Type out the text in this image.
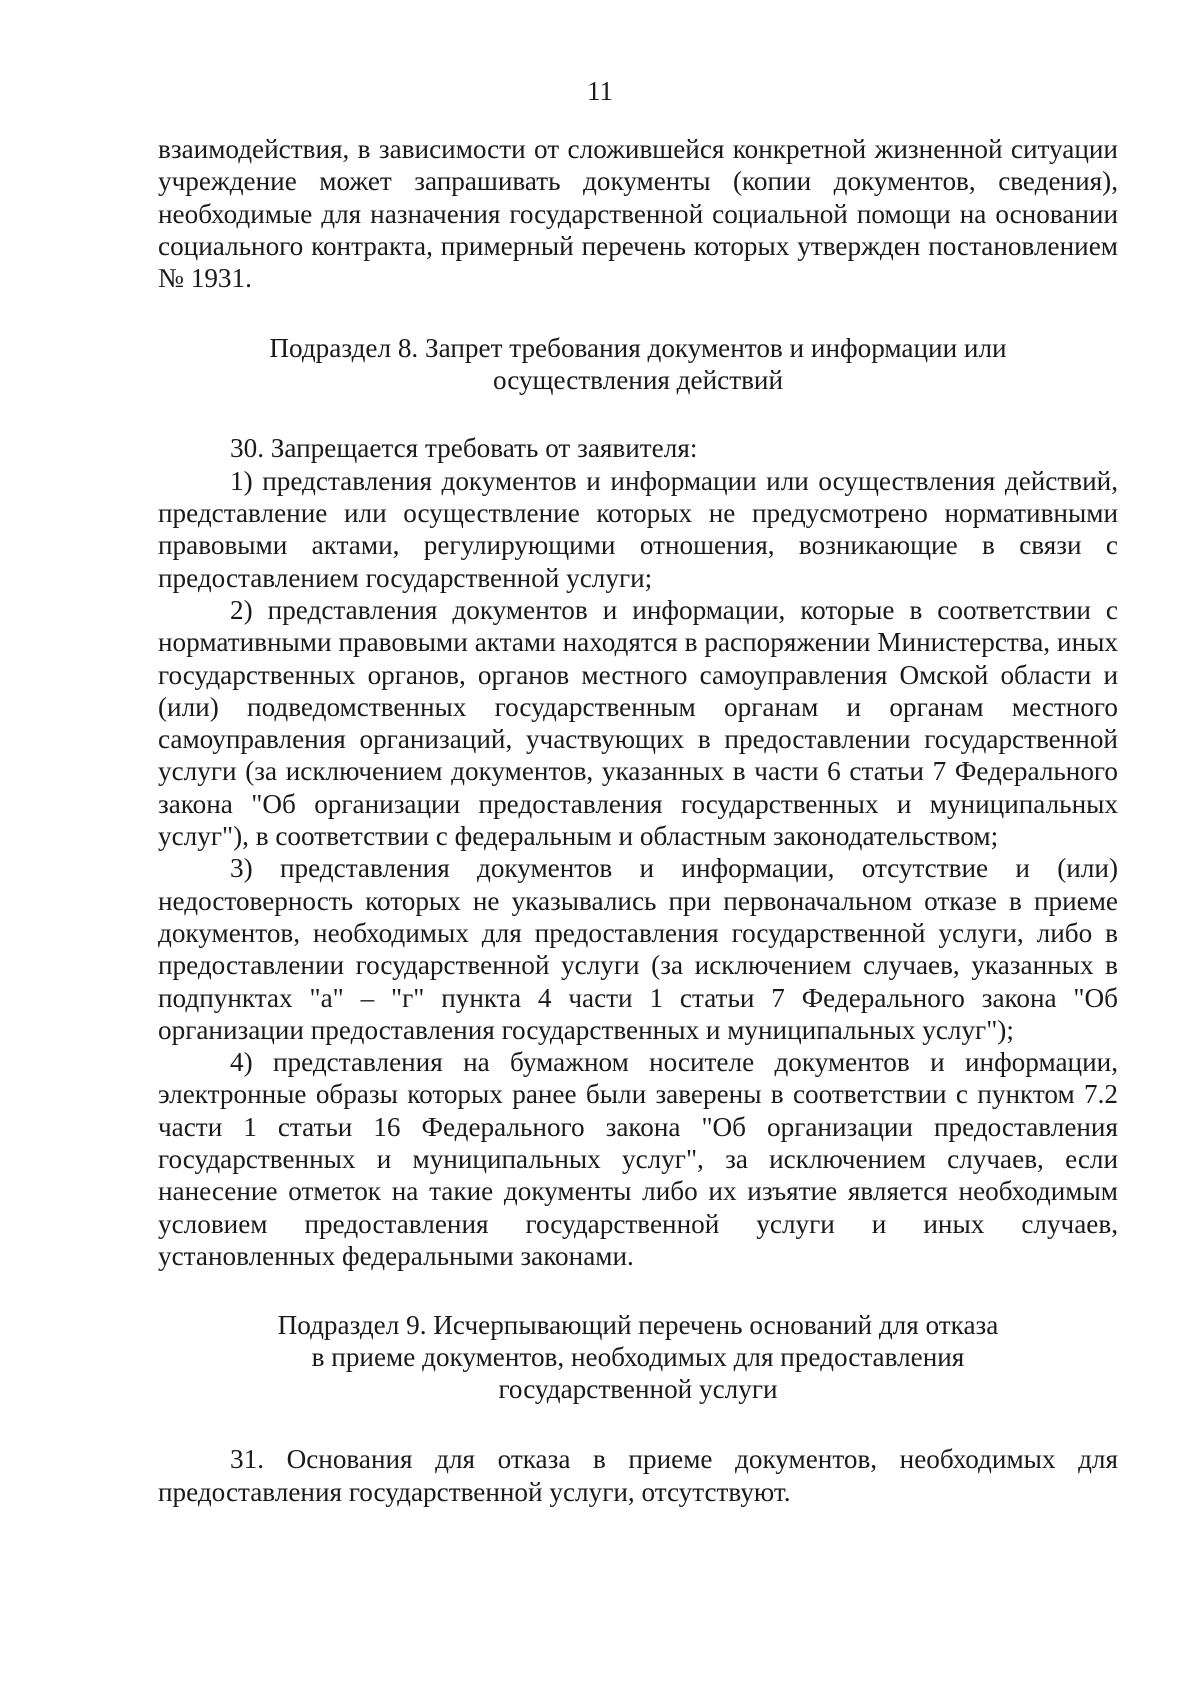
11

взаимодействия, в зависимости от сложившейся конкретной жизненной ситуации учреждение может запрашивать документы (копии документов, сведения), необходимые для назначения государственной социальной помощи на основании социального контракта, примерный перечень которых утвержден постановлением № 1931.

Подраздел 8. Запрет требования документов и информации или
осуществления действий

30. Запрещается требовать от заявителя:

1) представления документов и информации или осуществления действий, представление или осуществление которых не предусмотрено нормативными правовыми актами, регулирующими отношения, возникающие в связи с предоставлением государственной услуги;

2) представления документов и информации, которые в соответствии с нормативными правовыми актами находятся в распоряжении Министерства, иных государственных органов, органов местного самоуправления Омской области и (или) подведомственных государственным органам и органам местного самоуправления организаций, участвующих в предоставлении государственной услуги (за исключением документов, указанных в части 6 статьи 7 Федерального закона "Об организации предоставления государственных и муниципальных услуг"), в соответствии с федеральным и областным законодательством;

3) представления документов и информации, отсутствие и (или) недостоверность которых не указывались при первоначальном отказе в приеме документов, необходимых для предоставления государственной услуги, либо в предоставлении государственной услуги (за исключением случаев, указанных в подпунктах "а" – "г" пункта 4 части 1 статьи 7 Федерального закона "Об организации предоставления государственных и муниципальных услуг");

4) представления на бумажном носителе документов и информации, электронные образы которых ранее были заверены в соответствии с пунктом 7.2 части 1 статьи 16 Федерального закона "Об организации предоставления государственных и муниципальных услуг", за исключением случаев, если нанесение отметок на такие документы либо их изъятие является необходимым условием предоставления государственной услуги и иных случаев, установленных федеральными законами.

Подраздел 9. Исчерпывающий перечень оснований для отказа
в приеме документов, необходимых для предоставления
государственной услуги

31. Основания для отказа в приеме документов, необходимых для предоставления государственной услуги, отсутствуют.
